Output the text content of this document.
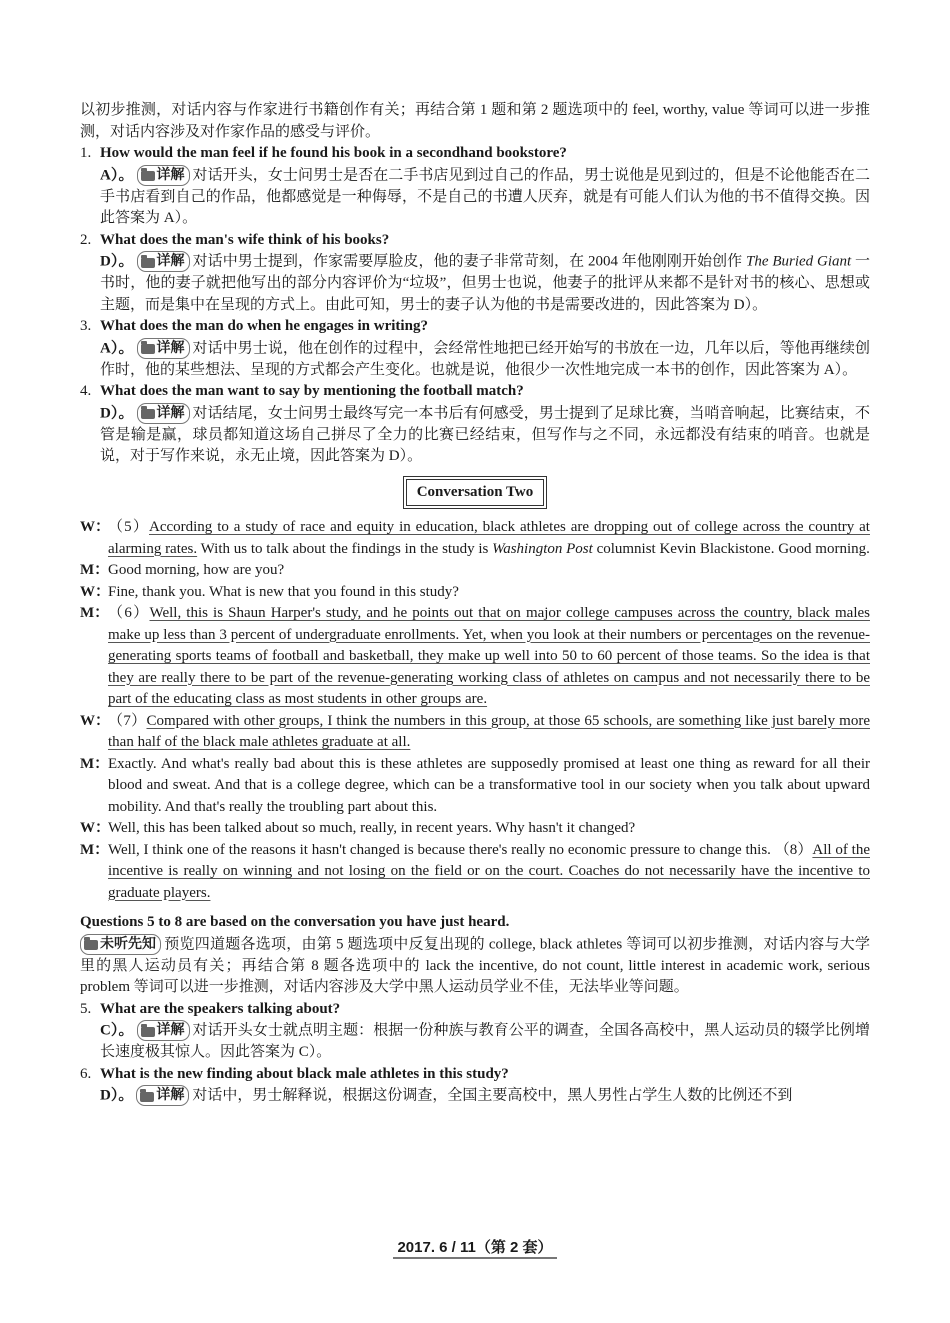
以初步推测，对话内容与作家进行书籍创作有关；再结合第 1 题和第 2 题选项中的 feel, worthy, value 等词可以进一步推测，对话内容涉及对作家作品的感受与评价。

1. How would the man feel if he found his book in a secondhand bookstore?
A）。 详解 对话开头，女士问男士是否在二手书店见到过自己的作品，男士说他是见到过的，但是不论他能否在二手书店看到自己的作品，他都感觉是一种侮辱，不是自己的书遭人厌弃，就是有可能人们认为他的书不值得交换。因此答案为 A）。
2. What does the man's wife think of his books?
D）。 详解 对话中男士提到，作家需要厚脸皮，他的妻子非常苛刻，在 2004 年他刚刚开始创作 The Buried Giant 一书时，他的妻子就把他写出的部分内容评价为“垃圾”，但男士也说，他妻子的批评从来都不是针对书的核心、思想或主题，而是集中在呈现的方式上。由此可知，男士的妻子认为他的书是需要改进的，因此答案为 D）。
3. What does the man do when he engages in writing?
A）。 详解 对话中男士说，他在创作的过程中，会经常性地把已经开始写的书放在一边，几年以后，等他再继续创作时，他的某些想法、呈现的方式都会产生变化。也就是说，他很少一次性地完成一本书的创作，因此答案为 A）。
4. What does the man want to say by mentioning the football match?
D）。 详解 对话结尾，女士问男士最终写完一本书后有何感受，男士提到了足球比赛，当哨音响起，比赛结束，不管是输是赢，球员都知道这场自己拼尽了全力的比赛已经结束，但写作与之不同，永远都没有结束的哨音。也就是说，对于写作来说，永无止境，因此答案为 D）。
Conversation Two
W：
（5）According to a study of race and equity in education, black athletes are dropping out of college across the country at alarming rates. With us to talk about the findings in the study is Washington Post columnist Kevin Blackistone. Good morning.
M：
Good morning, how are you?
W：
Fine, thank you. What is new that you found in this study?
M：
（6）Well, this is Shaun Harper's study, and he points out that on major college campuses across the country, black males make up less than 3 percent of undergraduate enrollments. Yet, when you look at their numbers or percentages on the revenue-generating sports teams of football and basketball, they make up well into 50 to 60 percent of those teams. So the idea is that they are really there to be part of the revenue-generating working class of athletes on campus and not necessarily there to be part of the educating class as most students in other groups are.
W：
（7）Compared with other groups, I think the numbers in this group, at those 65 schools, are something like just barely more than half of the black male athletes graduate at all.
M：
Exactly. And what's really bad about this is these athletes are supposedly promised at least one thing as reward for all their blood and sweat. And that is a college degree, which can be a transformative tool in our society when you talk about upward mobility. And that's really the troubling part about this.
W：
Well, this has been talked about so much, really, in recent years. Why hasn't it changed?
M：
Well, I think one of the reasons it hasn't changed is because there's really no economic pressure to change this. （8）All of the incentive is really on winning and not losing on the field or on the court. Coaches do not necessarily have the incentive to graduate players.

Questions 5 to 8 are based on the conversation you have just heard.

未听先知 预览四道题各选项，由第 5 题选项中反复出现的 college, black athletes 等词可以初步推测，对话内容与大学里的黑人运动员有关；再结合第 8 题各选项中的 lack the incentive, do not count, little interest in academic work, serious problem 等词可以进一步推测，对话内容涉及大学中黑人运动员学业不佳，无法毕业等问题。

5. What are the speakers talking about?
C）。 详解 对话开头女士就点明主题：根据一份种族与教育公平的调查，全国各高校中，黑人运动员的辍学比例增长速度极其惊人。因此答案为 C）。
6. What is the new finding about black male athletes in this study?
D）。 详解 对话中，男士解释说，根据这份调查，全国主要高校中，黑人男性占学生人数的比例还不到
2017. 6 / 11（第 2 套）
